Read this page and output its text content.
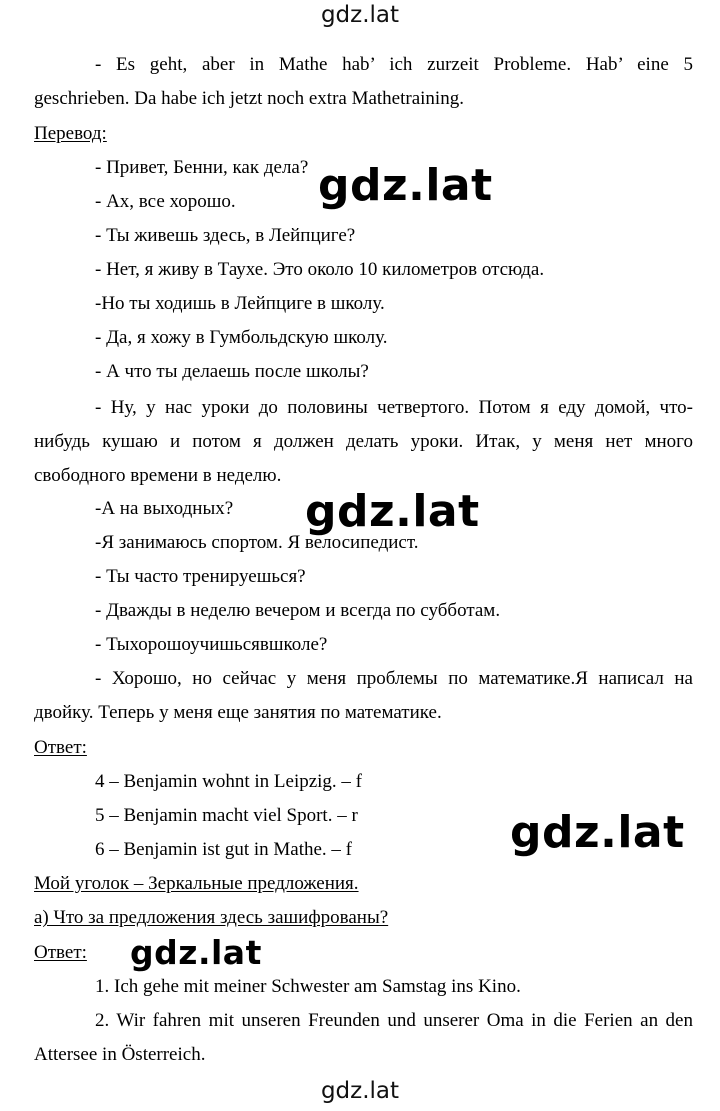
gdz.lat
- Es geht, aber in Mathe hab’ ich zurzeit Probleme. Hab’ eine 5
geschrieben. Da habe ich jetzt noch extra Mathetraining.
Перевод:
- Привет, Бенни, как дела?
- Ах, все хорошо.
- Ты живешь здесь, в Лейпциге?
- Нет, я живу в Таухе. Это около 10 километров отсюда.
-Но ты ходишь в Лейпциге в школу.
- Да, я хожу в Гумбольдскую школу.
- А что ты делаешь после школы?
- Ну, у нас уроки до половины четвертого. Потом я еду домой, что-
нибудь кушаю и потом я должен делать уроки. Итак, у меня нет много
свободного времени в неделю.
-А на выходных?
-Я занимаюсь спортом. Я велосипедист.
- Ты часто тренируешься?
- Дважды в неделю вечером и всегда по субботам.
- Тыхорошоучишьсявшколе?
- Хорошо, но сейчас у меня проблемы по математике.Я написал на
двойку. Теперь у меня еще занятия по математике.
Ответ:
4 – Benjamin wohnt in Leipzig. – f
5 – Benjamin macht viel Sport. – r
6 – Benjamin ist gut in Mathe. – f
Мой уголок – Зеркальные предложения.
а) Что за предложения здесь зашифрованы?
Ответ:
1. Ich gehe mit meiner Schwester am Samstag ins Kino.
2. Wir fahren mit unseren Freunden und unserer Oma in die Ferien an den
Attersee in Österreich.
gdz.lat
gdz.lat
gdz.lat
gdz.lat
gdz.lat
